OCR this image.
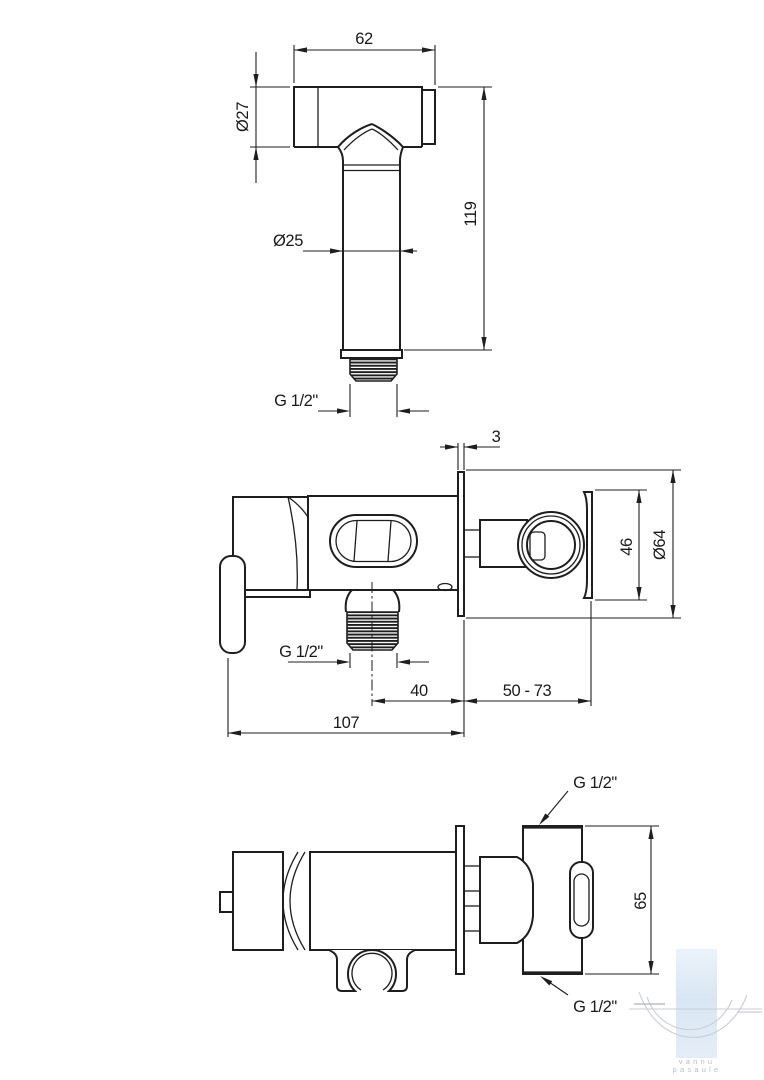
vannu
pasaule
62
Ø27
Ø25
119
G 1/2"
3
46 Ø64
G 1/2"
40	50 - 73
107
G 1/2"
65
G 1/2"
